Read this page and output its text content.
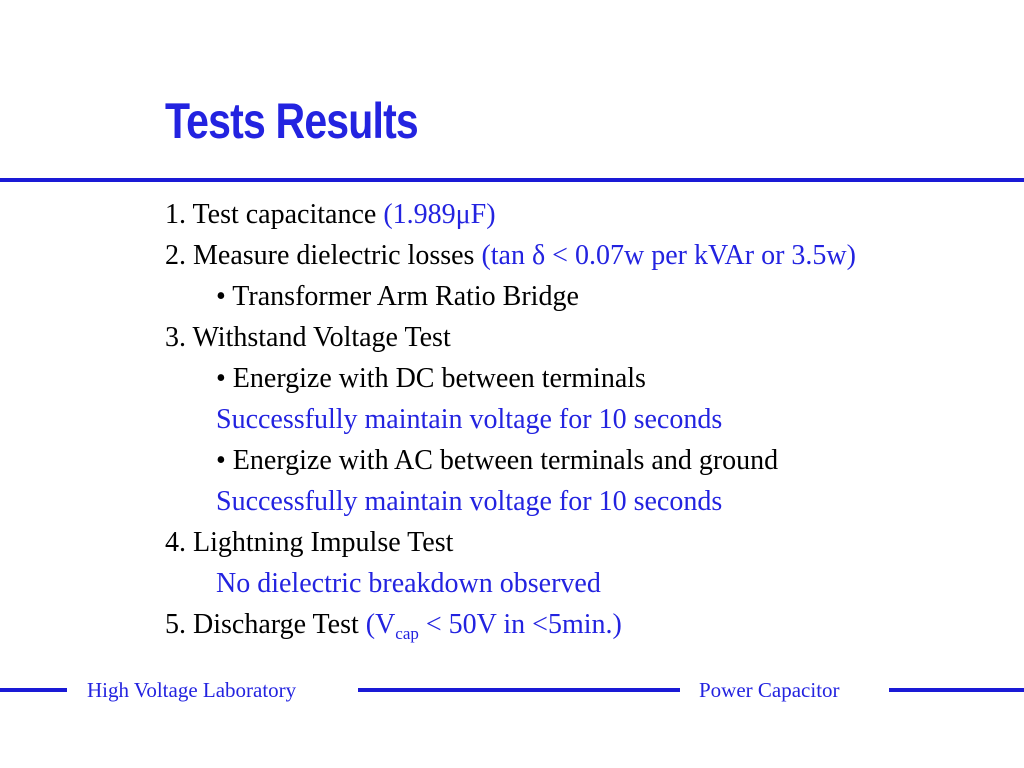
Tests Results
1. Test capacitance (1.989μF)
2. Measure dielectric losses (tan δ < 0.07w per kVAr or 3.5w)
• Transformer Arm Ratio Bridge
3. Withstand Voltage Test
• Energize with DC between terminals
Successfully maintain voltage for 10 seconds
• Energize with AC between terminals and ground
Successfully maintain voltage for 10 seconds
4. Lightning Impulse Test
No dielectric breakdown observed
5. Discharge Test ($V_{cap} < 50V$ in <5min.)
High Voltage Laboratory	Power Capacitor
